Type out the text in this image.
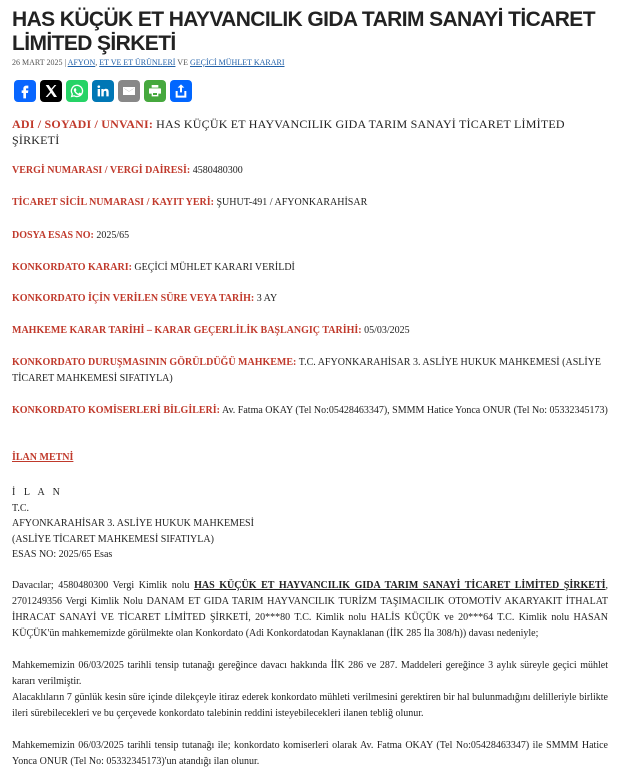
HAS KÜÇÜK ET HAYVANCILIK GIDA TARIM SANAYİ TİCARET LİMİTED ŞİRKETİ
26 MART 2025 | AFYON, ET VE ET ÜRÜNLERİ VE GEÇİCİ MÜHLET KARARI
ADI / SOYADI / UNVANI: HAS KÜÇÜK ET HAYVANCILIK GIDA TARIM SANAYİ TİCARET LİMİTED ŞİRKETİ
VERGİ NUMARASI / VERGİ DAİRESİ: 4580480300
TİCARET SİCİL NUMARASI / KAYIT YERİ: ŞUHUT-491 / AFYONKARAHİSAR
DOSYA ESAS NO: 2025/65
KONKORDATO KARARI: GEÇİCİ MÜHLET KARARI VERİLDİ
KONKORDATO İÇİN VERİLEN SÜRE VEYA TARİH: 3 AY
MAHKEME KARAR TARİHİ – KARAR GEÇERLİLİK BAŞLANGIÇ TARİHİ: 05/03/2025
KONKORDATO DURUŞMASININ GÖRÜLDÜĞÜ MAHKEME: T.C. AFYONKARAHİSAR 3. ASLİYE HUKUK MAHKEMESİ (ASLİYE TİCARET MAHKEMESİ SIFATIYLA)
KONKORDATO KOMİSERLERİ BİLGİLERİ: Av. Fatma OKAY (Tel No:05428463347), SMMM Hatice Yonca ONUR (Tel No: 05332345173)
İLAN METNİ
İ L A N
T.C.
AFYONKARAHİSAR 3. ASLİYE HUKUK MAHKEMESİ
(ASLİYE TİCARET MAHKEMESİ SIFATIYLA)
ESAS NO: 2025/65 Esas
Davacılar; 4580480300 Vergi Kimlik nolu HAS KÜÇÜK ET HAYVANCILIK GIDA TARIM SANAYİ TİCARET LİMİTED ŞİRKETİ, 2701249356 Vergi Kimlik Nolu DANAM ET GIDA TARIM HAYVANCILIK TURİZM TAŞIMACILIK OTOMOTİV AKARYAKIT İTHALAT İHRACAT SANAYİ VE TİCARET LİMİTED ŞİRKETİ, 20***80 T.C. Kimlik nolu HALİS KÜÇÜK ve 20***64 T.C. Kimlik nolu HASAN KÜÇÜK'ün mahkememizde görülmekte olan Konkordato (Adi Konkordatodan Kaynaklanan (İİK 285 İla 308/h)) davası nedeniyle;
Mahkememizin 06/03/2025 tarihli tensip tutanağı gereğince davacı hakkında İİK 286 ve 287. Maddeleri gereğince 3 aylık süreyle geçici mühlet kararı verilmiştir.
Alacaklıların 7 günlük kesin süre içinde dilekçeyle itiraz ederek konkordato mühleti verilmesini gerektiren bir hal bulunmadığını delilleriyle birlikte ileri sürebilecekleri ve bu çerçevede konkordato talebinin reddini isteyebilecekleri ilanen tebliğ olunur.
Mahkememizin 06/03/2025 tarihli tensip tutanağı ile; konkordato komiserleri olarak Av. Fatma OKAY (Tel No:05428463347) ile SMMM Hatice Yonca ONUR (Tel No: 05332345173)'un atandığı ilan olunur.
